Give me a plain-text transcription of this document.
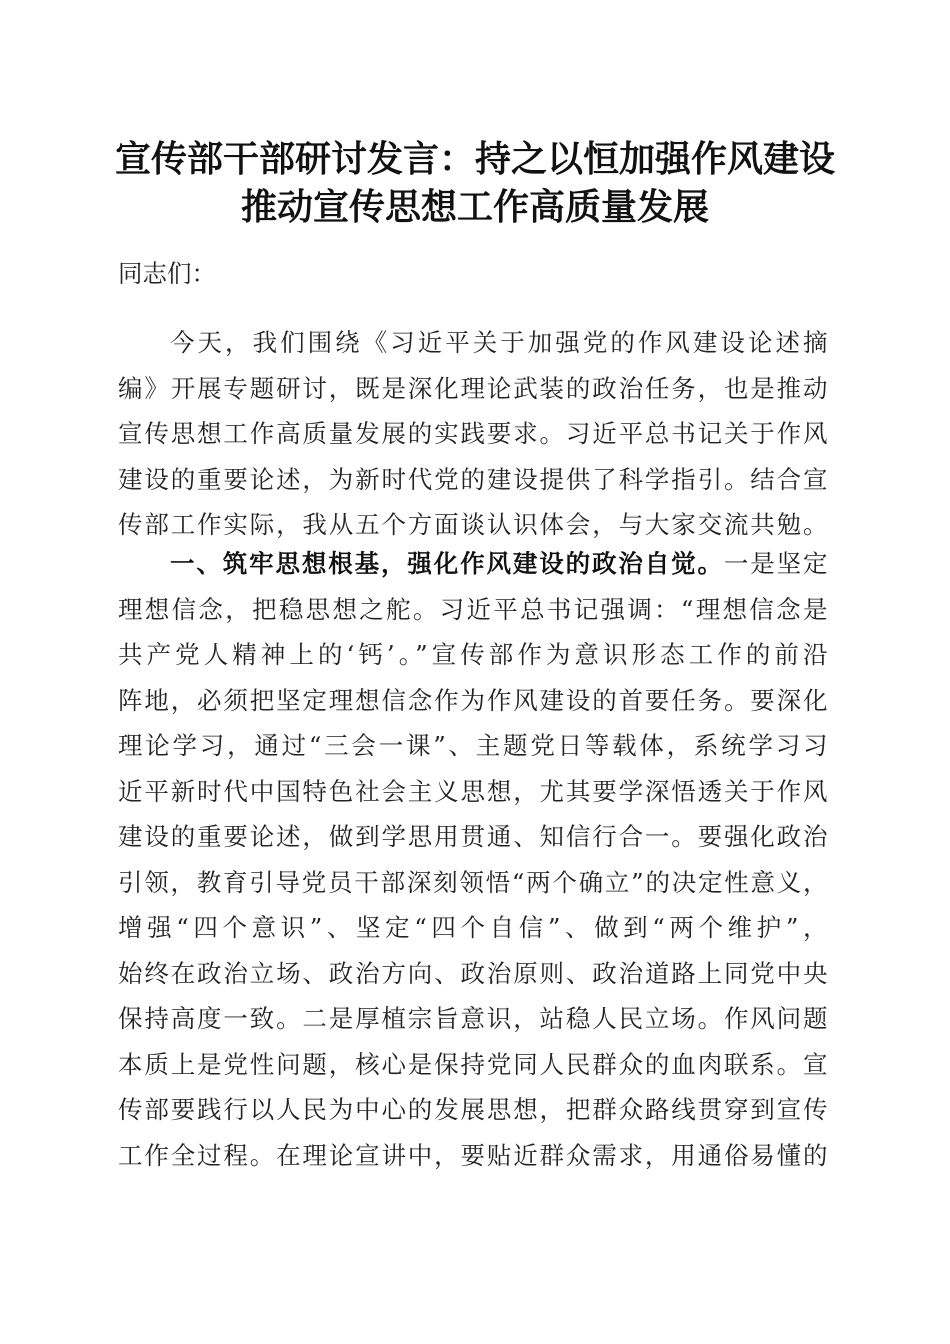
宣传部干部研讨发言：持之以恒加强作风建设
推动宣传思想工作高质量发展
同志们：
今天，我们围绕《习近平关于加强党的作风建设论述摘
编》开展专题研讨，既是深化理论武装的政治任务，也是推动
宣传思想工作高质量发展的实践要求。习近平总书记关于作风
建设的重要论述，为新时代党的建设提供了科学指引。结合宣
传部工作实际，我从五个方面谈认识体会，与大家交流共勉。
一、筑牢思想根基，强化作风建设的政治自觉。一是坚定
理想信念，把稳思想之舵。习近平总书记强调：“理想信念是
共产党人精神上的‘钙’。”宣传部作为意识形态工作的前沿
阵地，必须把坚定理想信念作为作风建设的首要任务。要深化
理论学习，通过“三会一课”、主题党日等载体，系统学习习
近平新时代中国特色社会主义思想，尤其要学深悟透关于作风
建设的重要论述，做到学思用贯通、知信行合一。要强化政治
引领，教育引导党员干部深刻领悟“两个确立”的决定性意义，
增强“四个意识”、坚定“四个自信”、做到“两个维护”，
始终在政治立场、政治方向、政治原则、政治道路上同党中央
保持高度一致。二是厚植宗旨意识，站稳人民立场。作风问题
本质上是党性问题，核心是保持党同人民群众的血肉联系。宣
传部要践行以人民为中心的发展思想，把群众路线贯穿到宣传
工作全过程。在理论宣讲中，要贴近群众需求，用通俗易懂的
